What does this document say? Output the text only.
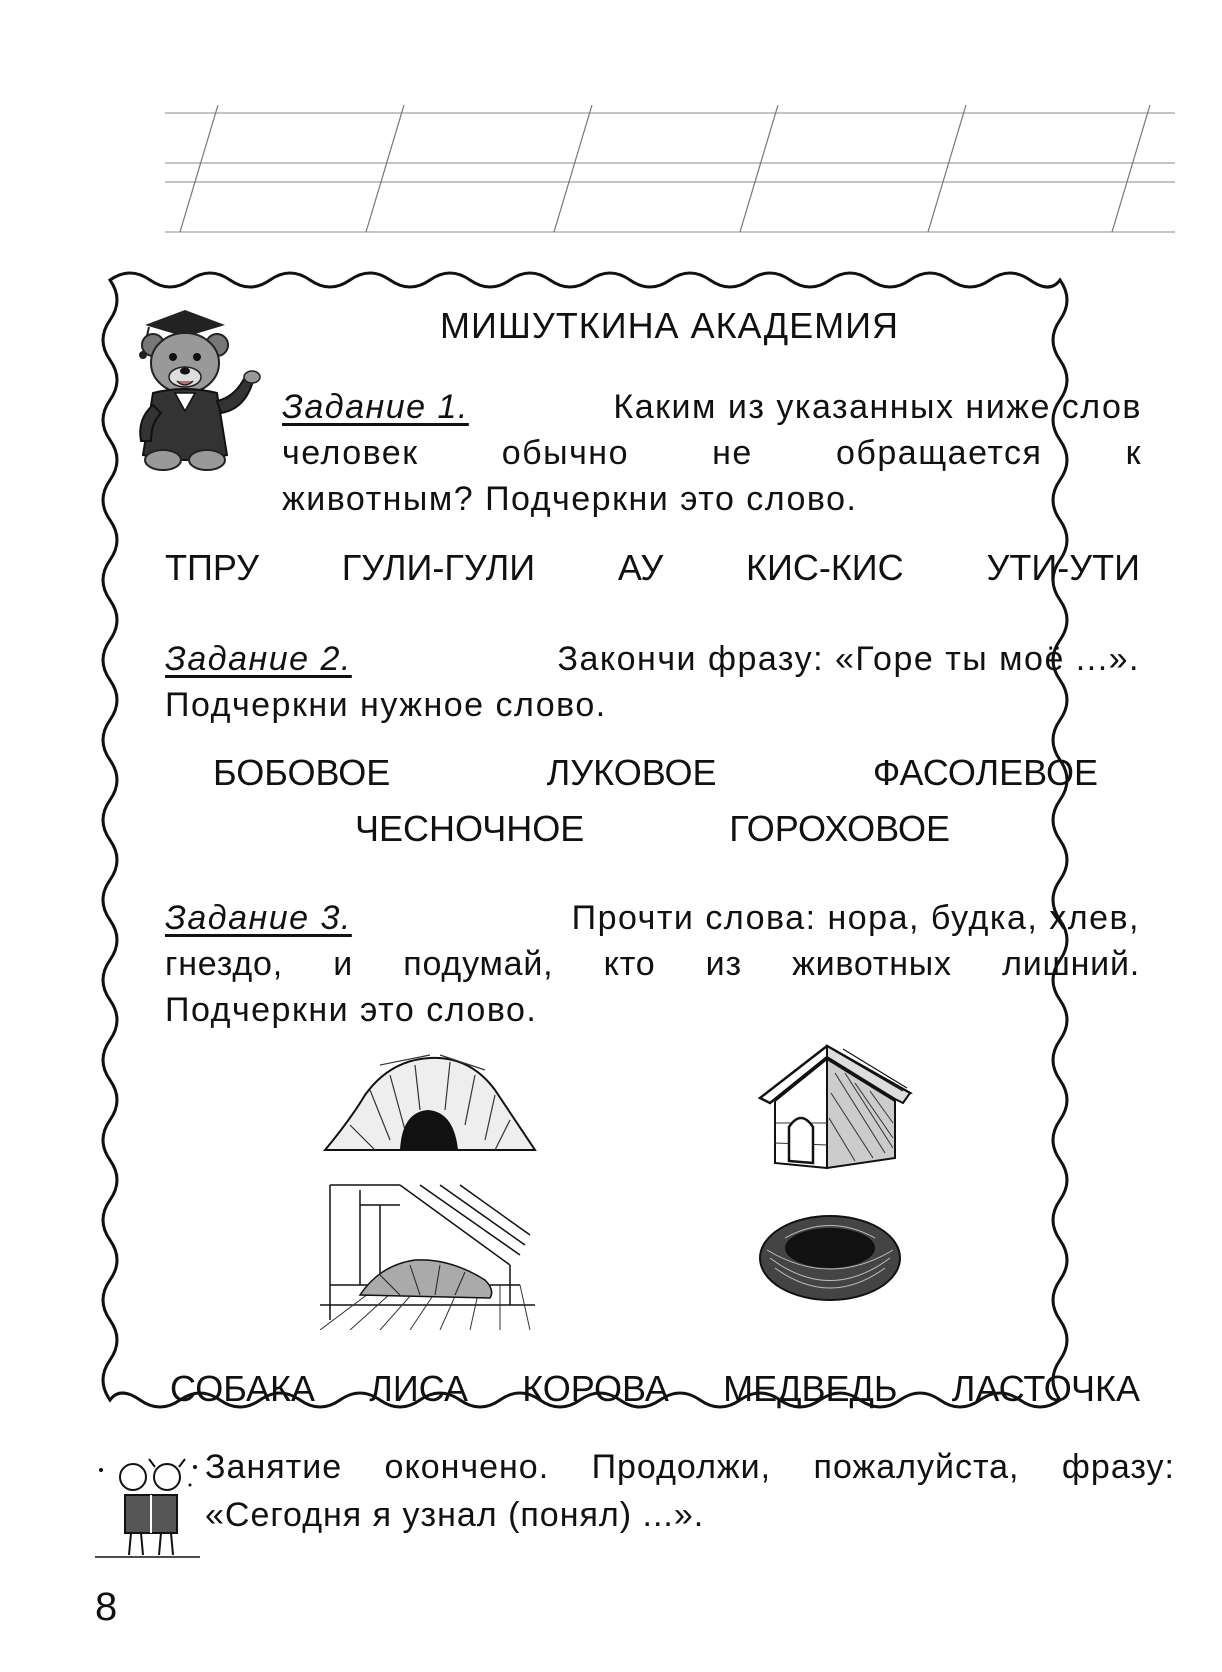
МИШУТКИНА АКАДЕМИЯ
Задание 1.	Каким из указанных ниже слов
человек обычно не обращается к
животным? Подчеркни это слово.
ТПРУ ГУЛИ-ГУЛИ АУ КИС-КИС УТИ-УТИ
Задание 2.	Закончи фразу: «Горе ты моё ...».
Подчеркни нужное слово.
БОБОВОЕ	ЛУКОВОЕ	ФАСОЛЕВОЕ
ЧЕСНОЧНОЕ	ГОРОХОВОЕ
Задание 3.	Прочти слова: нора, будка, хлев,
гнездо, и подумай, кто из животных лишний.
Подчеркни это слово.
СОБАКА ЛИСА КОРОВА МЕДВЕДЬ ЛАСТОЧКА
Занятие окончено. Продолжи, пожалуйста, фразу:
«Сегодня я узнал (понял) ...».
8
